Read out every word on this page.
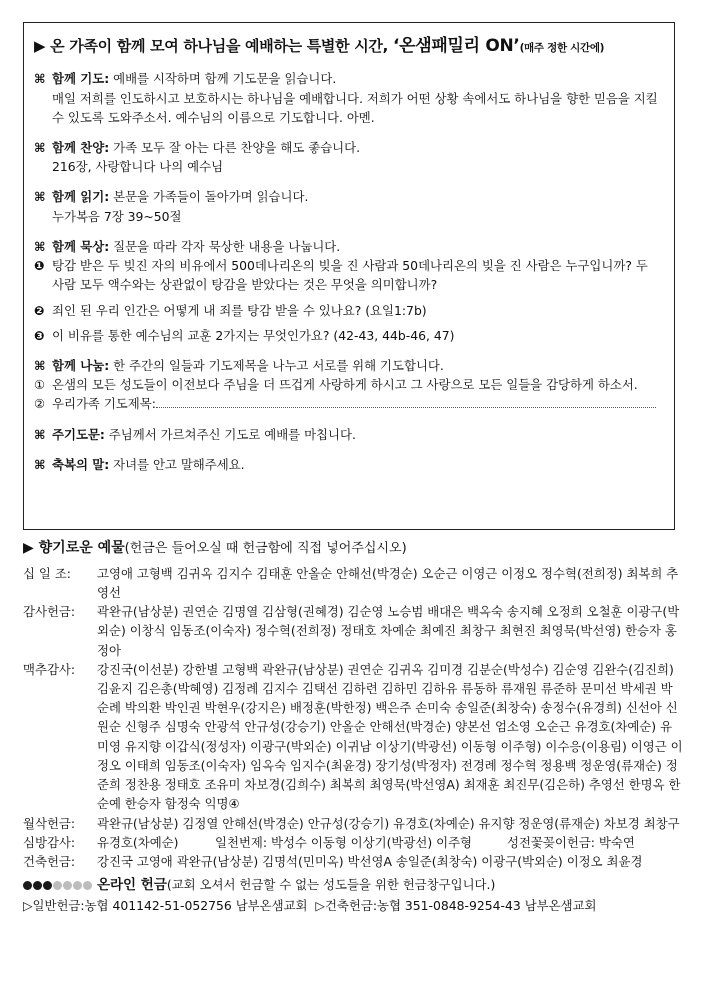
▶ 온 가족이 함께 모여 하나님을 예배하는 특별한 시간, ‘온샘패밀리 ON’(매주 정한 시간에)
⌘ 함께 기도: 예배를 시작하며 함께 기도문을 읽습니다.
매일 저희를 인도하시고 보호하시는 하나님을 예배합니다. 저희가 어떤 상황 속에서도 하나님을 향한 믿음을 지킬 수 있도록 도와주소서. 예수님의 이름으로 기도합니다. 아멘.
⌘ 함께 찬양: 가족 모두 잘 아는 다른 찬양을 해도 좋습니다.
216장, 사랑합니다 나의 예수님
⌘ 함께 읽기: 본문을 가족들이 돌아가며 읽습니다.
누가복음 7장 39~50절
⌘ 함께 묵상: 질문을 따라 각자 묵상한 내용을 나눕니다.
❶ 탕감 받은 두 빚진 자의 비유에서 500데나리온의 빚을 진 사람과 50데나리온의 빚을 진 사람은 누구입니까? 두 사람 모두 액수와는 상관없이 탕감을 받았다는 것은 무엇을 의미합니까?
❷ 죄인 된 우리 인간은 어떻게 내 죄를 탕감 받을 수 있나요? (요일1:7b)
❸ 이 비유를 통한 예수님의 교훈 2가지는 무엇인가요? (42-43, 44b-46, 47)
⌘ 함께 나눔: 한 주간의 일들과 기도제목을 나누고 서로를 위해 기도합니다.
① 온샘의 모든 성도들이 이전보다 주님을 더 뜨겁게 사랑하게 하시고 그 사랑으로 모든 일들을 감당하게 하소서.
② 우리가족 기도제목:
⌘ 주기도문: 주님께서 가르쳐주신 기도로 예배를 마칩니다.
⌘ 축복의 말: 자녀를 안고 말해주세요.
▶ 향기로운 예물(헌금은 들어오실 때 헌금함에 직접 넣어주십시오)
십 일 조:	고영애 고형백 김귀옥 김지수 김태훈 안올순 안해선(박경순) 오순근 이영근 이정오 정수혁(전희정) 최복희 추영선
감사헌금:	곽완규(남상분) 권연순 김명열 김삼형(권혜경) 김순영 노승범 배대은 백옥숙 송지혜 오정희 오철훈 이광구(박외순) 이창식 임동조(이숙자) 정수혁(전희정) 정태호 차예순 최예진 최창구 최현진 최영묵(박선영) 한승자 홍정아
맥추감사:	강진국(이선분) 강한별 고형백 곽완규(남상분) 권연순 김귀옥 김미경 김분순(박성수) 김순영 김완수(김진희) 김윤지 김은총(박혜영) 김정례 김지수 김택선 김하련 김하민 김하유 류동하 류재원 류준하 문미선 박세권 박순례 박의환 박인권 박현우(강지은) 배정훈(박한정) 백은주 손미숙 송일준(최창숙) 송정수(유경희) 신선아 신원순 신형주 심명숙 안광석 안규성(강승기) 안올순 안해선(박경순) 양본선 엄소영 오순근 유경호(차예순) 유미영 유지향 이갑식(정성자) 이광구(박외순) 이귀남 이상기(박광선) 이동형 이주형) 이수응(이용림) 이영근 이정오 이태희 임동조(이숙자) 임옥숙 임지수(최윤경) 장기성(박정자) 전경례 정수혁 정용백 정운영(류재순) 정준희 정찬용 정태호 조유미 차보경(김희수) 최복희 최영묵(박선영A) 최재훈 최진무(김은하) 추영선 한명옥 한순예 한승자 함정숙 익명④
월삭헌금:	곽완규(남상분) 김정열 안해선(박경순) 안규성(강승기) 유경호(차예순) 유지향 정운영(류재순) 차보경 최창구
심방감사:	유경호(차예순)	일천번제: 박성수 이동형 이상기(박광선) 이주형	성전꽃꽂이헌금: 박숙연
건축헌금:	강진국 고영애 곽완규(남상분) 김명석(민미옥) 박선영A 송일준(최창숙) 이광구(박외순) 이정오 최윤경
온라인 헌금(교회 오셔서 헌금할 수 없는 성도들을 위한 헌금창구입니다.)
▷일반헌금:농협 401142-51-052756 남부온샘교회 ▷건축헌금:농협 351-0848-9254-43 남부온샘교회
